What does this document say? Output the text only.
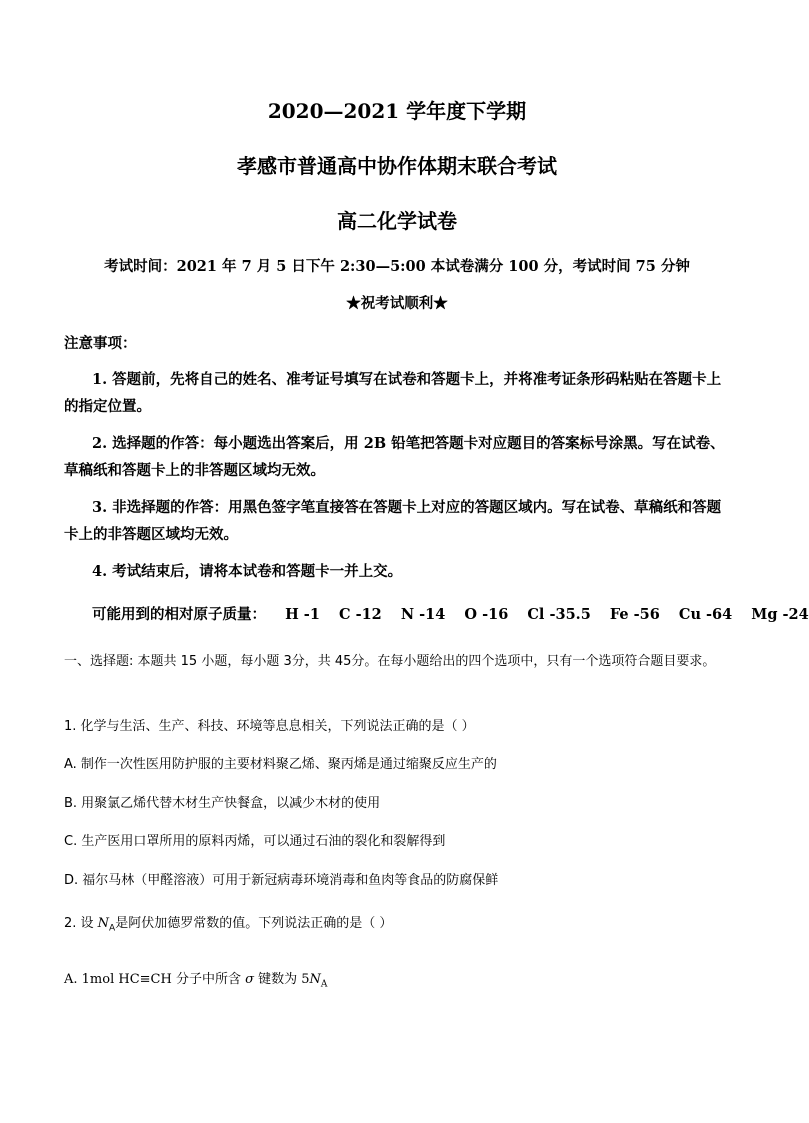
2020—2021 学年度下学期
孝感市普通高中协作体期末联合考试
高二化学试卷
考试时间：2021 年 7 月 5 日下午 2:30—5:00 本试卷满分 100 分，考试时间 75 分钟
★祝考试顺利★
注意事项：
1. 答题前，先将自己的姓名、准考证号填写在试卷和答题卡上，并将准考证条形码粘贴在答题卡上的指定位置。
2. 选择题的作答：每小题选出答案后，用 2B 铅笔把答题卡对应题目的答案标号涂黑。写在试卷、草稿纸和答题卡上的非答题区域均无效。
3. 非选择题的作答：用黑色签字笔直接答在答题卡上对应的答题区域内。写在试卷、草稿纸和答题卡上的非答题区域均无效。
4. 考试结束后，请将本试卷和答题卡一并上交。
可能用到的相对原子质量： H -1 C -12 N -14 O -16 Cl -35.5 Fe -56 Cu -64 Mg -24
一、选择题: 本题共 15 小题，每小题 3分，共 45分。在每小题给出的四个选项中，只有一个选项符合题目要求。
1. 化学与生活、生产、科技、环境等息息相关，下列说法正确的是（ ）
A. 制作一次性医用防护服的主要材料聚乙烯、聚丙烯是通过缩聚反应生产的
B. 用聚氯乙烯代替木材生产快餐盒，以减少木材的使用
C. 生产医用口罩所用的原料丙烯，可以通过石油的裂化和裂解得到
D. 福尔马林（甲醛溶液）可用于新冠病毒环境消毒和鱼肉等食品的防腐保鲜
2. 设 $N_A$是阿伏加德罗常数的值。下列说法正确的是（ ）
A. 1mol HC≡CH 分子中所含 σ 键数为 $5N_A$
